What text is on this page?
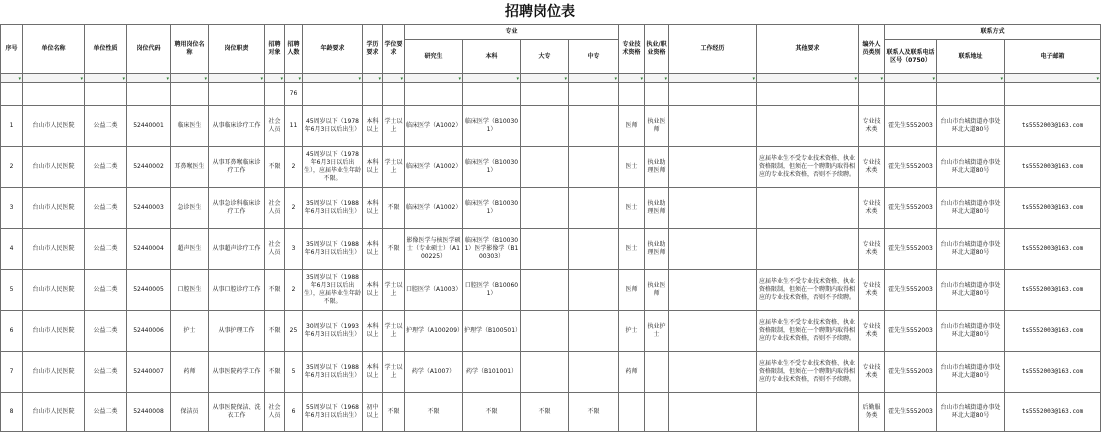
招聘岗位表
序号	单位名称	单位性质	岗位代码	聘用岗位名称	岗位职责	招聘对象	招聘人数	年龄要求	学历要求	学位要求	专业				专业技术资格	执业/职业资格	工作经历	其他要求	编外人员类别	联系方式		
											研究生	本科	大专	中专						联系人及联系电话区号（0750）	联系地址	电子邮箱

▾	▾	▾	▾	▾	▾	▾	▾	▾	▾	▾	▾	▾	▾	▾	▾	▾	▾	▾	▾	▾	▾	▾

							76															
1	台山市人民医院	公益二类	52440001	临床医生	从事临床诊疗工作	社会人员	11	45周岁以下（1978年6月3日以后出生）	本科以上	学士以上	临床医学（A1002）	临床医学（B100301）			医师	执业医师			专业技术类	霍先生5552003	台山市台城街道办事处环北大道80号	ts5552003@163.com
2	台山市人民医院	公益二类	52440002	耳鼻喉医生	从事耳鼻喉临床诊疗工作	不限	2	45周岁以下（1978年6月3日以后出生），应届毕业生年龄不限。	本科以上	学士以上	临床医学（A1002）	临床医学（B100301）			医士	执业助理医师		应届毕业生不受专业技术资格、执业资格限制，但须在一个聘期内取得相应的专业技术资格，否则不予续聘。	专业技术类	霍先生5552003	台山市台城街道办事处环北大道80号	ts5552003@163.com
3	台山市人民医院	公益二类	52440003	急诊医生	从事急诊科临床诊疗工作	社会人员	2	35周岁以下（1988年6月3日以后出生）	本科以上	不限	临床医学（A1002）	临床医学（B100301）			医士	执业助理医师			专业技术类	霍先生5552003	台山市台城街道办事处环北大道80号	ts5552003@163.com
4	台山市人民医院	公益二类	52440004	超声医生	从事超声诊疗工作	社会人员	3	35周岁以下（1988年6月3日以后出生）	本科以上	不限	影像医学与核医学硕士（专业硕士）（A100225）	临床医学（B100301）医学影像学（B100303）			医士	执业助理医师			专业技术类	霍先生5552003	台山市台城街道办事处环北大道80号	ts5552003@163.com
5	台山市人民医院	公益二类	52440005	口腔医生	从事口腔诊疗工作	不限	2	35周岁以下（1988年6月3日以后出生），应届毕业生年龄不限。	本科以上	学士以上	口腔医学（A1003）	口腔医学（B100601）			医师	执业医师		应届毕业生不受专业技术资格、执业资格限制，但须在一个聘期内取得相应的专业技术资格，否则不予续聘。	专业技术类	霍先生5552003	台山市台城街道办事处环北大道80号	ts5552003@163.com
6	台山市人民医院	公益二类	52440006	护士	从事护理工作	不限	25	30周岁以下（1993年6月3日以后出生）	本科以上	学士以上	护理学（A100209）	护理学（B100501）			护士	执业护士		应届毕业生不受专业技术资格、执业资格限制，但须在一个聘期内取得相应的专业技术资格，否则不予续聘。	专业技术类	霍先生5552003	台山市台城街道办事处环北大道80号	ts5552003@163.com
7	台山市人民医院	公益二类	52440007	药师	从事医院药学工作	不限	5	35周岁以下（1988年6月3日以后出生）	本科以上	学士以上	药学（A1007）	药学（B101001）			药师			应届毕业生不受专业技术资格、执业资格限制，但须在一个聘期内取得相应的专业技术资格，否则不予续聘。	专业技术类	霍先生5552003	台山市台城街道办事处环北大道80号	ts5552003@163.com
8	台山市人民医院	公益二类	52440008	保洁员	从事医院保洁、洗衣工作	社会人员	6	55周岁以下（1968年6月3日以后出生）	初中以上	不限	不限	不限	不限	不限					后勤服务类	霍先生5552003	台山市台城街道办事处环北大道80号	ts5552003@163.com
